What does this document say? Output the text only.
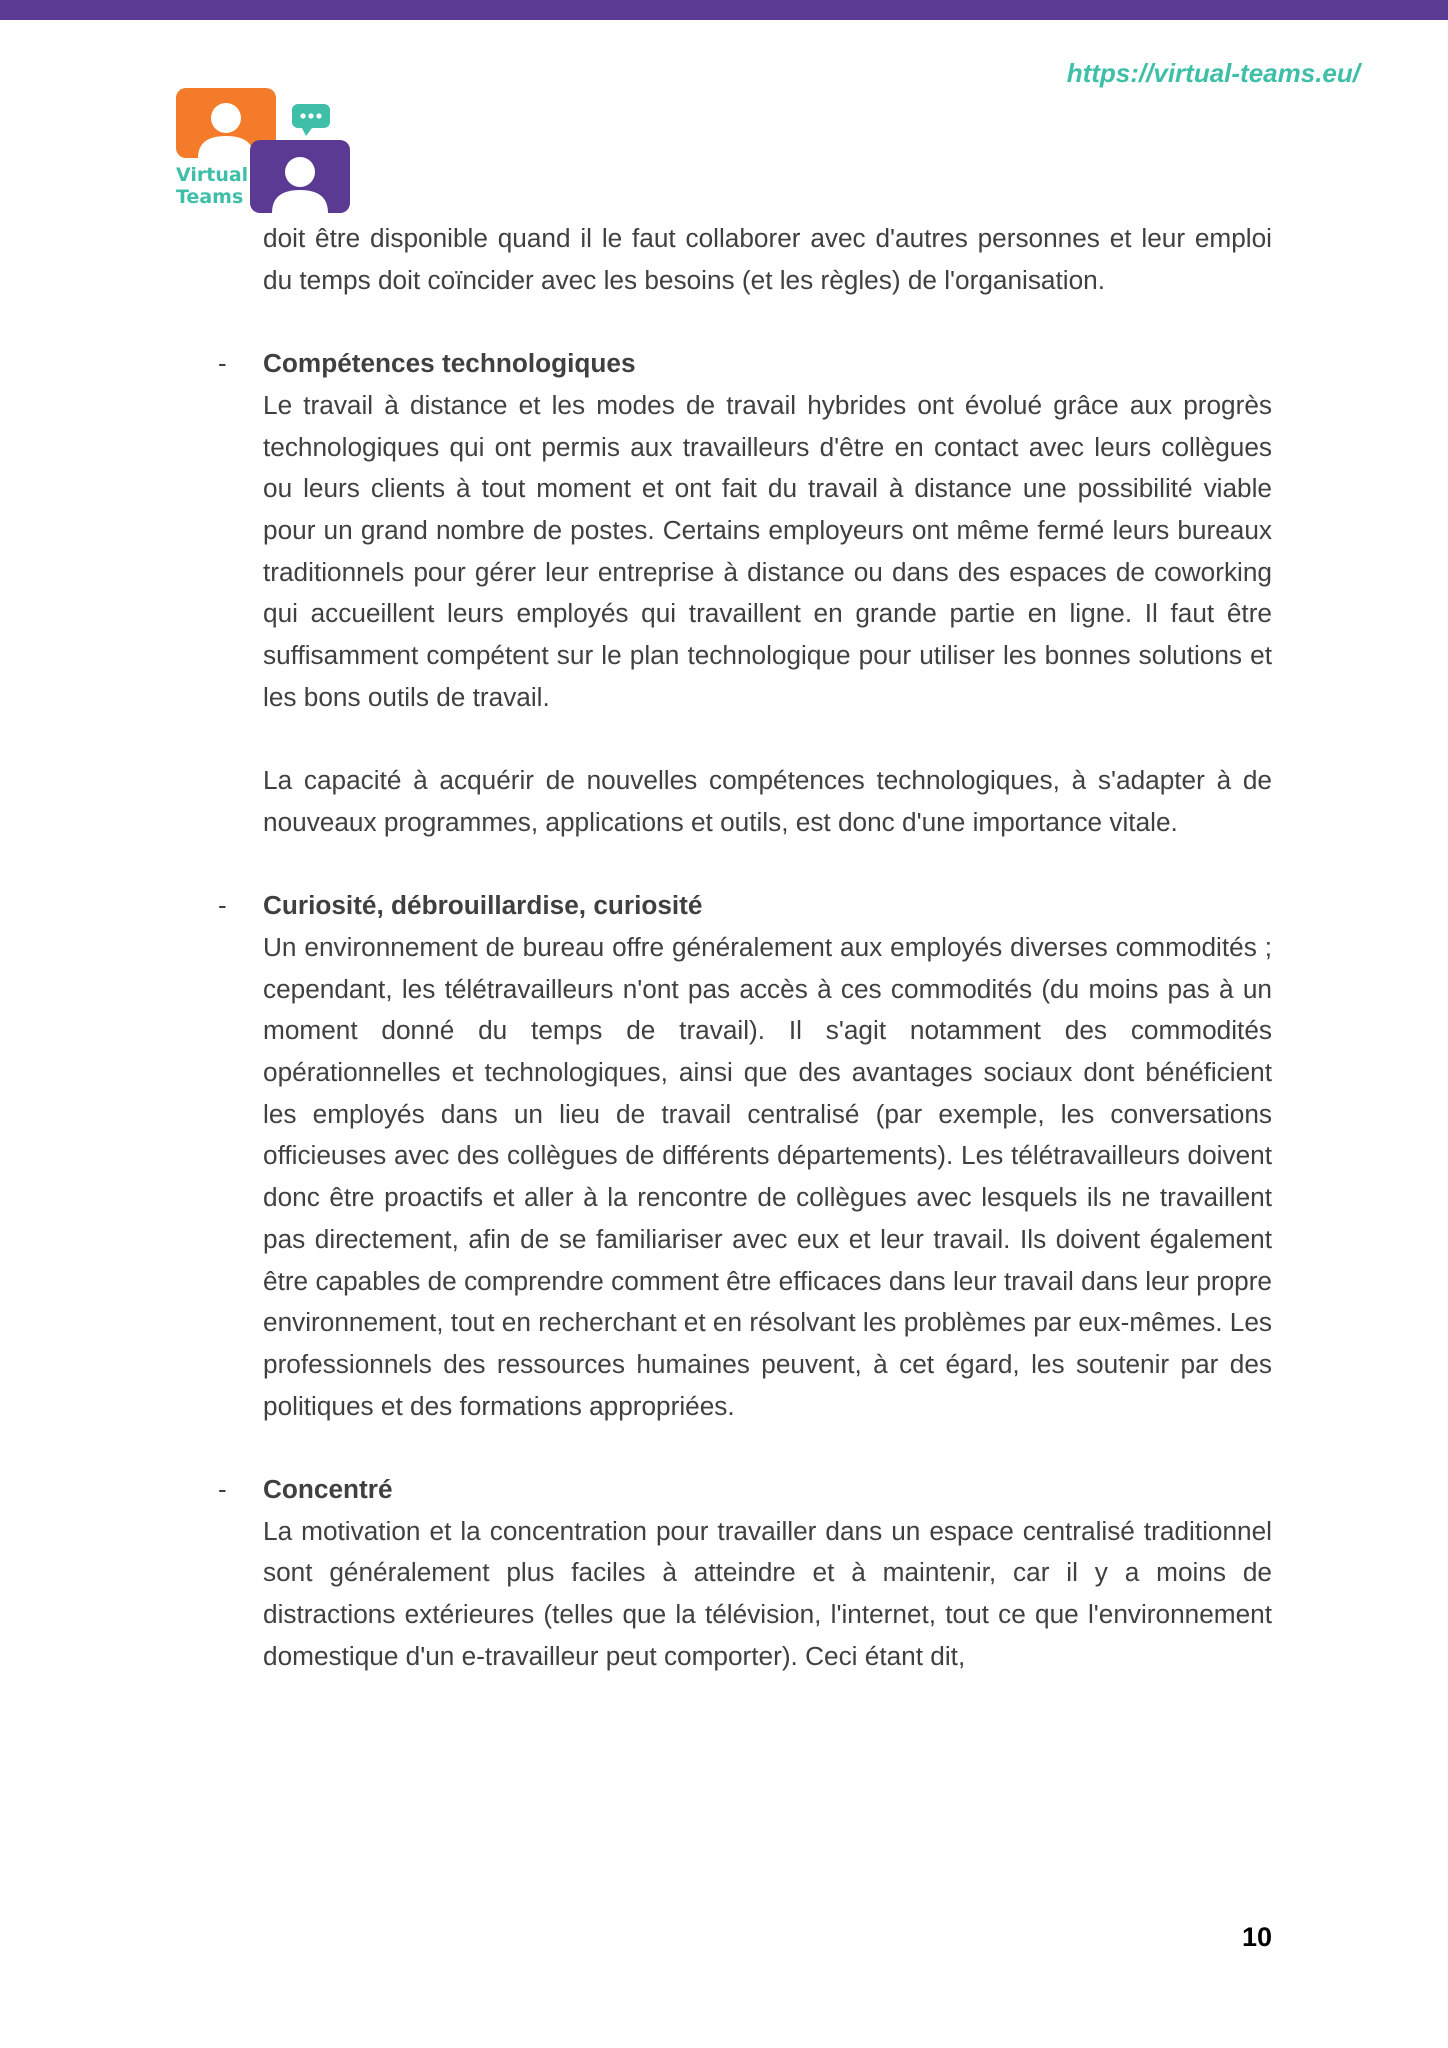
https://virtual-teams.eu/
Virtual
Teams

doit être disponible quand il le faut collaborer avec d'autres personnes et leur emploi du temps doit coïncider avec les besoins (et les règles) de l'organisation.

- Compétences technologiques

Le travail à distance et les modes de travail hybrides ont évolué grâce aux progrès technologiques qui ont permis aux travailleurs d'être en contact avec leurs collègues ou leurs clients à tout moment et ont fait du travail à distance une possibilité viable pour un grand nombre de postes. Certains employeurs ont même fermé leurs bureaux traditionnels pour gérer leur entreprise à distance ou dans des espaces de coworking qui accueillent leurs employés qui travaillent en grande partie en ligne. Il faut être suffisamment compétent sur le plan technologique pour utiliser les bonnes solutions et les bons outils de travail.

La capacité à acquérir de nouvelles compétences technologiques, à s'adapter à de nouveaux programmes, applications et outils, est donc d'une importance vitale.

- Curiosité, débrouillardise, curiosité

Un environnement de bureau offre généralement aux employés diverses commodités ; cependant, les télétravailleurs n'ont pas accès à ces commodités (du moins pas à un moment donné du temps de travail). Il s'agit notamment des commodités opérationnelles et technologiques, ainsi que des avantages sociaux dont bénéficient les employés dans un lieu de travail centralisé (par exemple, les conversations officieuses avec des collègues de différents départements). Les télétravailleurs doivent donc être proactifs et aller à la rencontre de collègues avec lesquels ils ne travaillent pas directement, afin de se familiariser avec eux et leur travail. Ils doivent également être capables de comprendre comment être efficaces dans leur travail dans leur propre environnement, tout en recherchant et en résolvant les problèmes par eux-mêmes. Les professionnels des ressources humaines peuvent, à cet égard, les soutenir par des politiques et des formations appropriées.

- Concentré

La motivation et la concentration pour travailler dans un espace centralisé traditionnel sont généralement plus faciles à atteindre et à maintenir, car il y a moins de distractions extérieures (telles que la télévision, l'internet, tout ce que l'environnement domestique d'un e-travailleur peut comporter). Ceci étant dit,

10
